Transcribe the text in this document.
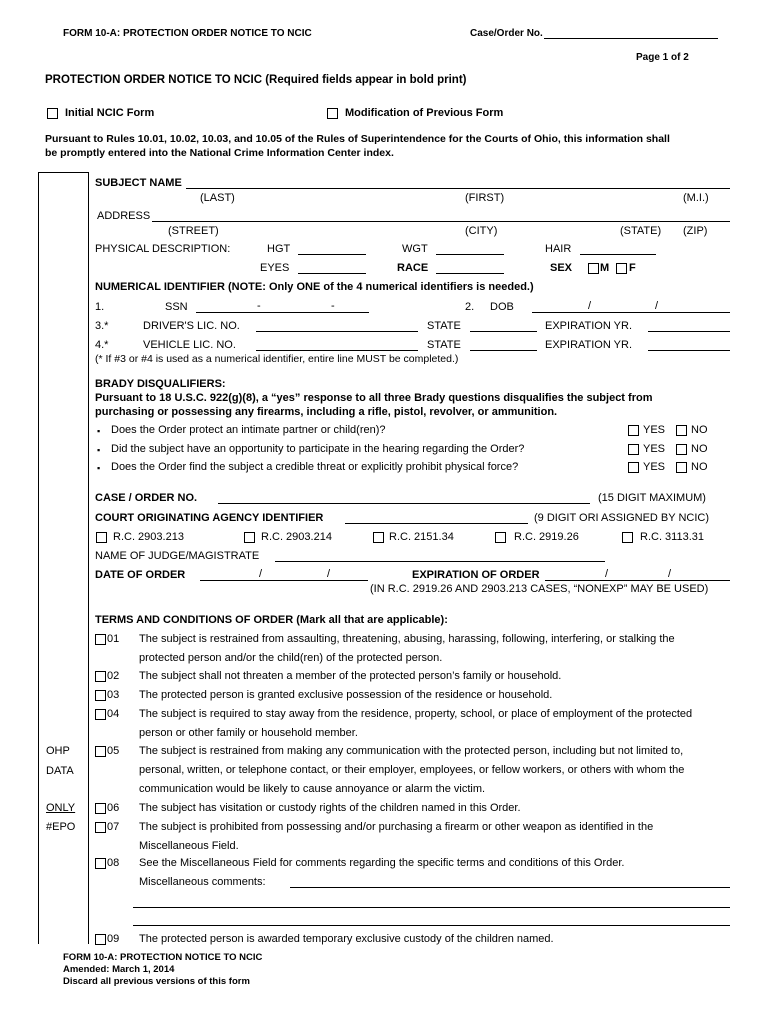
FORM 10-A: PROTECTION ORDER NOTICE TO NCIC	Case/Order No.
Page 1 of 2
PROTECTION ORDER NOTICE TO NCIC (Required fields appear in bold print)
Initial NCIC Form	Modification of Previous Form
Pursuant to Rules 10.01, 10.02, 10.03, and 10.05 of the Rules of Superintendence for the Courts of Ohio, this information shall
be promptly entered into the National Crime Information Center index.
SUBJECT NAME
(LAST)	(FIRST)	(M.I.)
ADDRESS
(STREET)	(CITY)	(STATE) (ZIP)
PHYSICAL DESCRIPTION:	HGT	WGT	HAIR
EYES	RACE	SEX	M F
NUMERICAL IDENTIFIER (NOTE: Only ONE of the 4 numerical identifiers is needed.)
1.	SSN	-	-	2. DOB	/	/
3.*	DRIVER'S LIC. NO.	STATE	EXPIRATION YR.
4.*	VEHICLE LIC. NO.	STATE	EXPIRATION YR.
(* If #3 or #4 is used as a numerical identifier, entire line MUST be completed.)
BRADY DISQUALIFIERS:
Pursuant to 18 U.S.C. 922(g)(8), a “yes” response to all three Brady questions disqualifies the subject from
purchasing or possessing any firearms, including a rifle, pistol, revolver, or ammunition.
▪ Does the Order protect an intimate partner or child(ren)?	YES NO
▪ Did the subject have an opportunity to participate in the hearing regarding the Order?	YES NO
▪ Does the Order find the subject a credible threat or explicitly prohibit physical force?	YES NO
CASE / ORDER NO.	(15 DIGIT MAXIMUM)
COURT ORIGINATING AGENCY IDENTIFIER	(9 DIGIT ORI ASSIGNED BY NCIC)
R.C. 2903.213	R.C. 2903.214	R.C. 2151.34	R.C. 2919.26	R.C. 3113.31
NAME OF JUDGE/MAGISTRATE
DATE OF ORDER	/	/	EXPIRATION OF ORDER	/	/
(IN R.C. 2919.26 AND 2903.213 CASES, “NONEXP” MAY BE USED)
TERMS AND CONDITIONS OF ORDER (Mark all that are applicable):
01 The subject is restrained from assaulting, threatening, abusing, harassing, following, interfering, or stalking the
protected person and/or the child(ren) of the protected person.
02 The subject shall not threaten a member of the protected person’s family or household.
03 The protected person is granted exclusive possession of the residence or household.
04 The subject is required to stay away from the residence, property, school, or place of employment of the protected
person or other family or household member.
OHP	05 The subject is restrained from making any communication with the protected person, including but not limited to,
DATA	personal, written, or telephone contact, or their employer, employees, or fellow workers, or others with whom the
communication would be likely to cause annoyance or alarm the victim.
ONLY	06 The subject has visitation or custody rights of the children named in this Order.
#EPO	07 The subject is prohibited from possessing and/or purchasing a firearm or other weapon as identified in the
Miscellaneous Field.
08 See the Miscellaneous Field for comments regarding the specific terms and conditions of this Order.
Miscellaneous comments:
09 The protected person is awarded temporary exclusive custody of the children named.
FORM 10-A: PROTECTION NOTICE TO NCIC
Amended: March 1, 2014
Discard all previous versions of this form
